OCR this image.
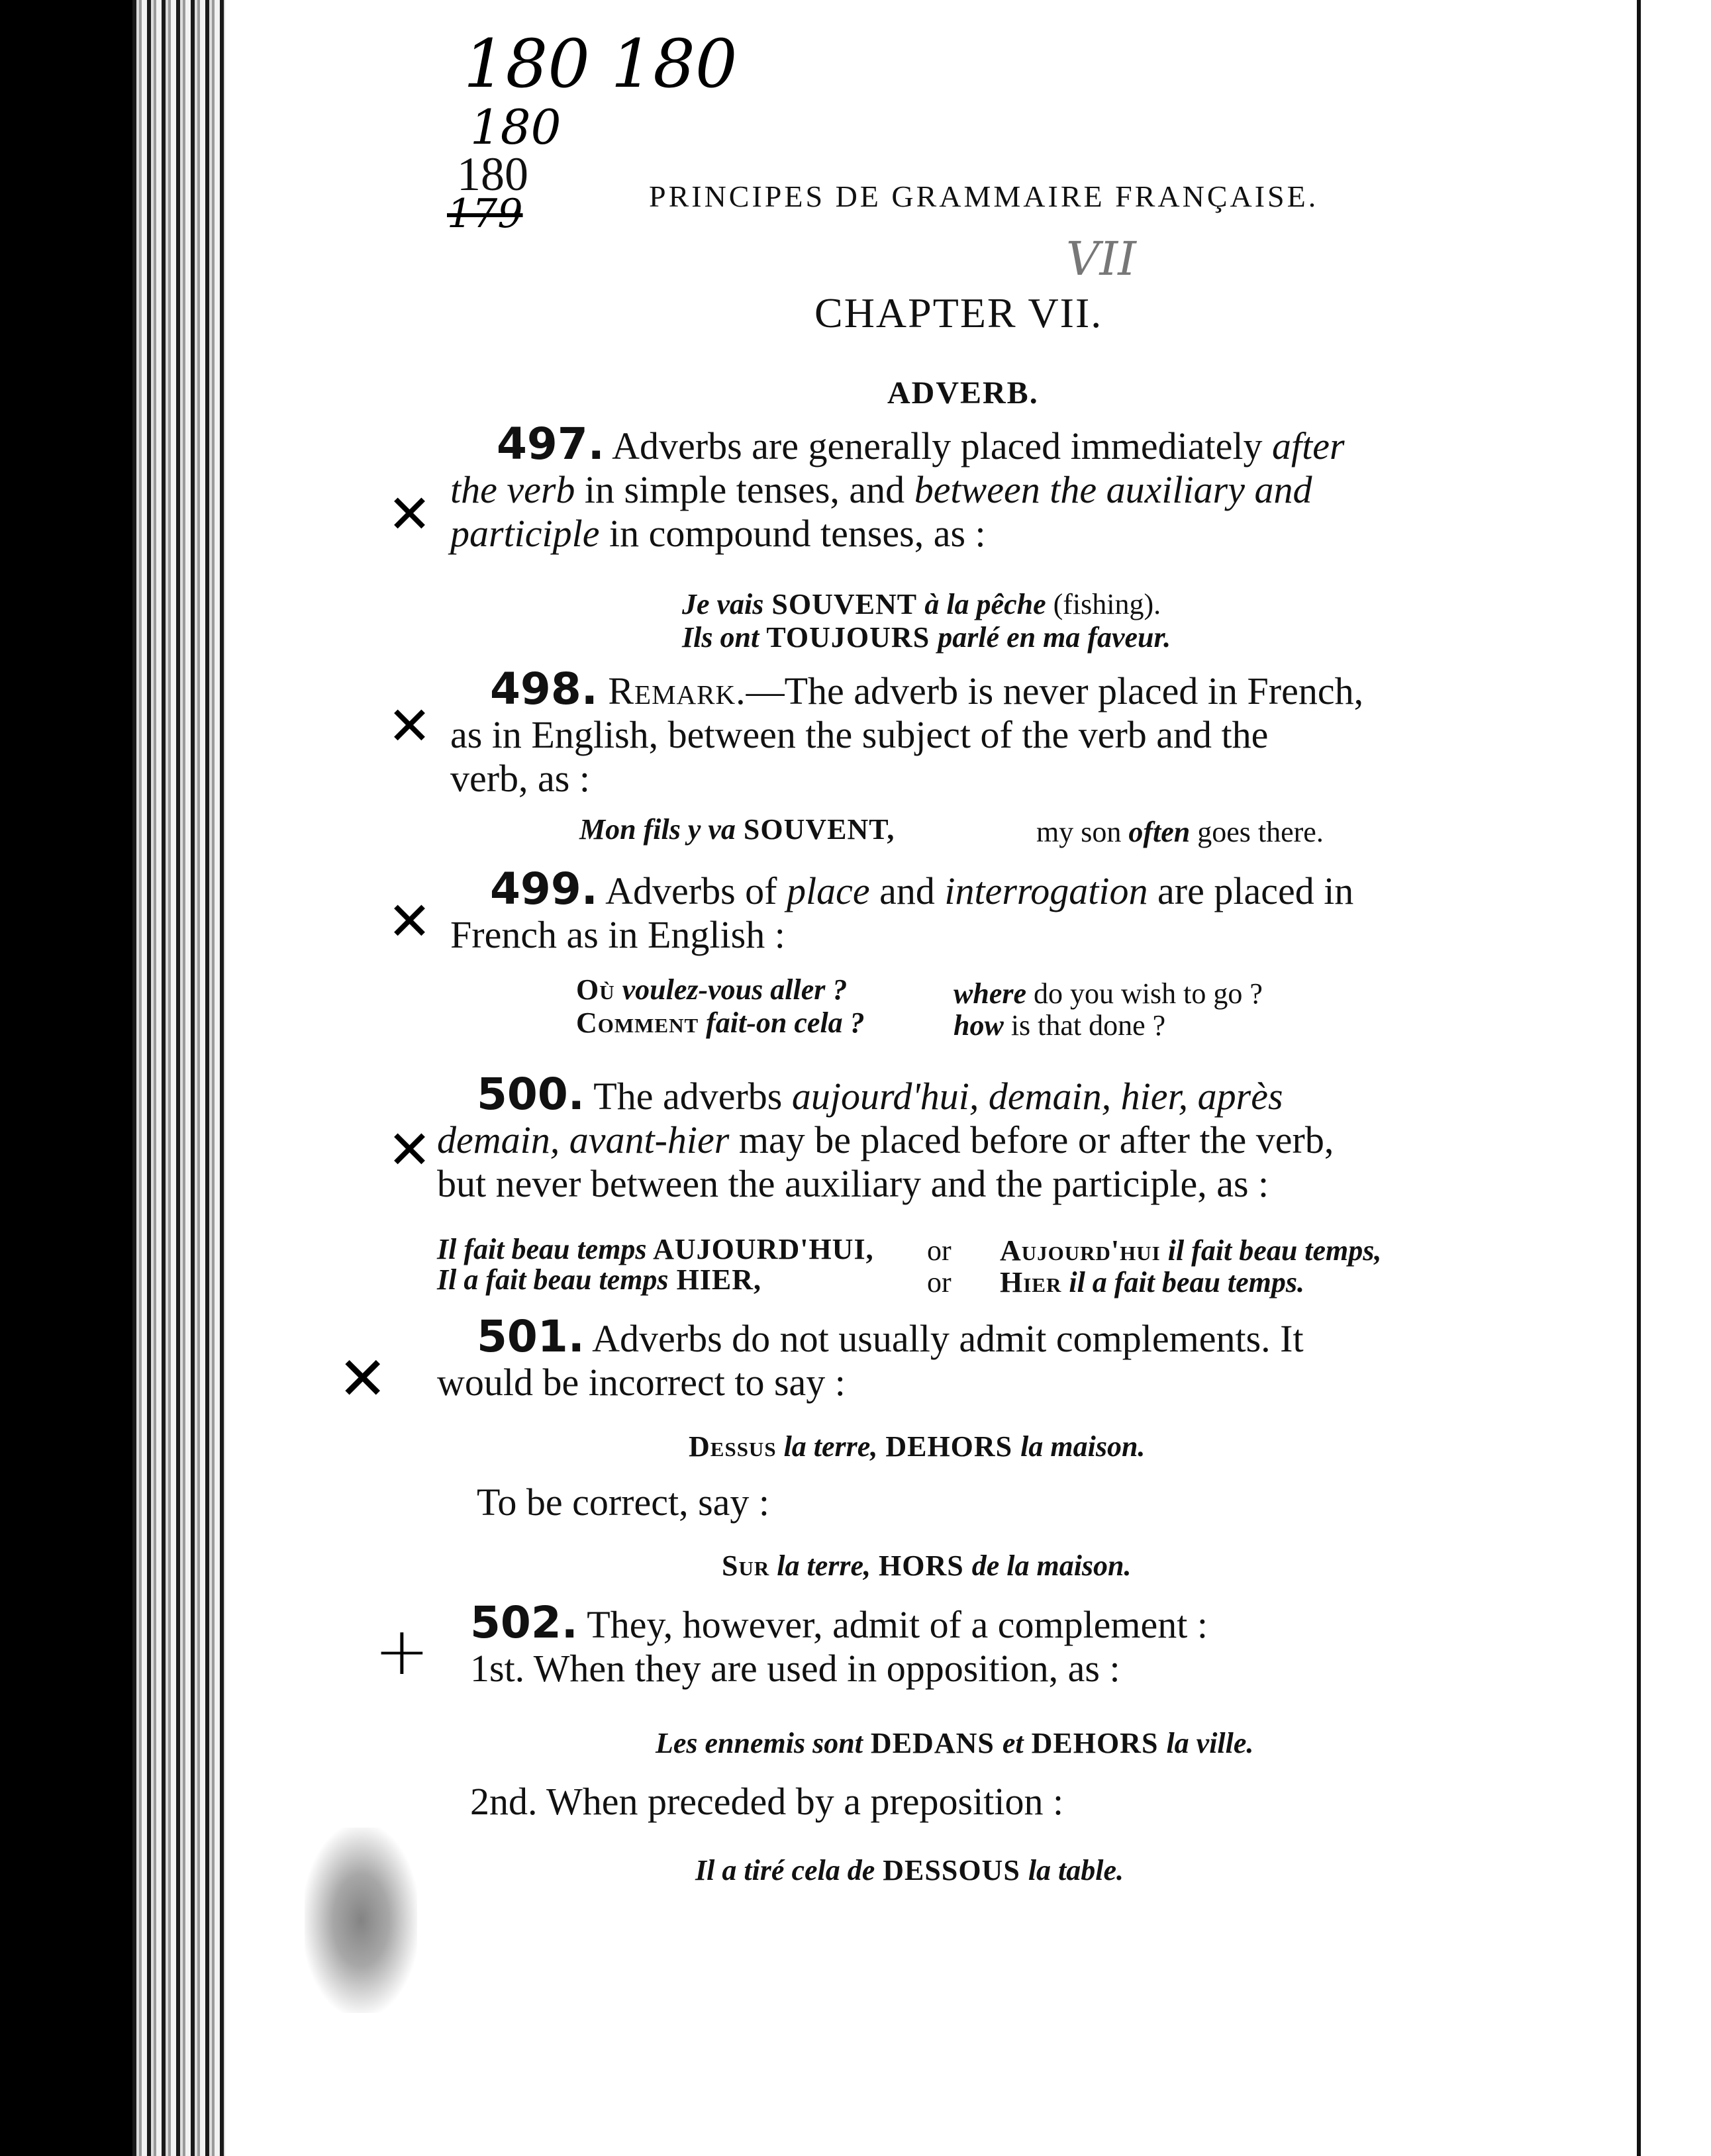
180 180
180
179
VII
180	PRINCIPES DE GRAMMAIRE FRANÇAISE.
CHAPTER VII.
ADVERB.
497. Adverbs are generally placed immediately after
the verb in simple tenses, and between the auxiliary and
participle in compound tenses, as :
✕
Je vais SOUVENT à la pêche (fishing).
Ils ont TOUJOURS parlé en ma faveur.
498. Remark.—The adverb is never placed in French,
as in English, between the subject of the verb and the
verb, as :
✕
Mon fils y va SOUVENT,	my son often goes there.
499. Adverbs of place and interrogation are placed in
French as in English :
✕
Où voulez-vous aller ?	where do you wish to go ?
Comment fait-on cela ?	how is that done ?
500. The adverbs aujourd'hui, demain, hier, après
demain, avant-hier may be placed before or after the verb,
but never between the auxiliary and the participle, as :
✕
Il fait beau temps AUJOURD'HUI, or Aujourd'hui il fait beau temps,
Il a fait beau temps HIER,	or Hier il a fait beau temps.
501. Adverbs do not usually admit complements. It
would be incorrect to say :
✕
Dessus la terre, DEHORS la maison.
To be correct, say :
Sur la terre, HORS de la maison.
502. They, however, admit of a complement :
1st. When they are used in opposition, as :
+
Les ennemis sont DEDANS et DEHORS la ville.
2nd. When preceded by a preposition :
Il a tiré cela de DESSOUS la table.
